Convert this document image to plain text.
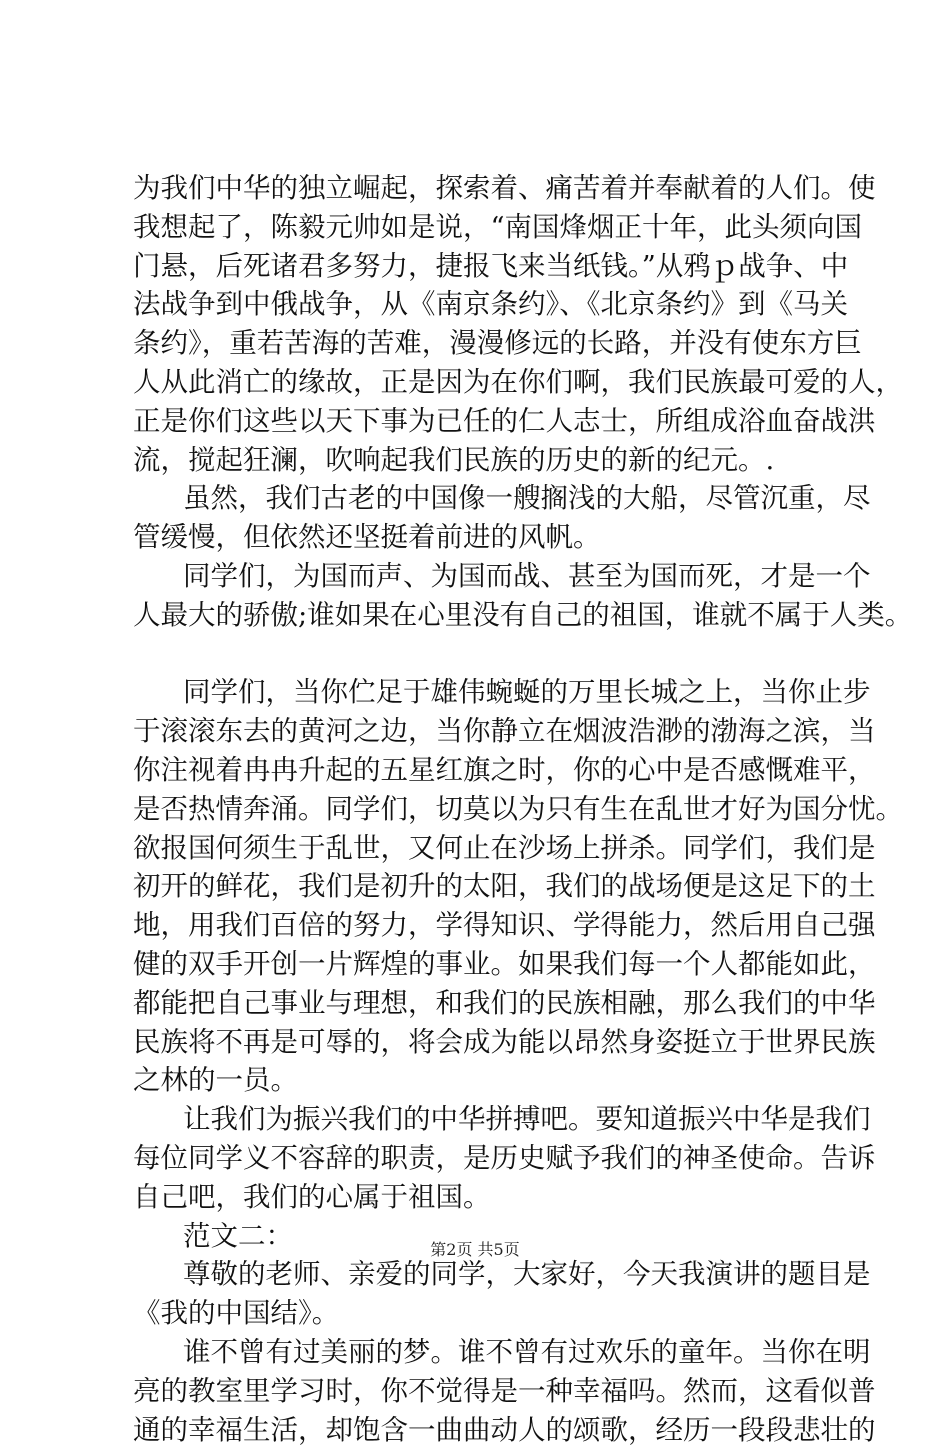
为我们中华的独立崛起，探索着、痛苦着并奉献着的人们。使
我想起了，陈毅元帅如是说，“南国烽烟正十年，此头须向国
门悬，后死诸君多努力，捷报飞来当纸钱。”从鸦ｐ战争、中
法战争到中俄战争，从《南京条约》、《北京条约》到《马关
条约》，重若苦海的苦难，漫漫修远的长路，并没有使东方巨
人从此消亡的缘故，正是因为在你们啊，我们民族最可爱的人，
正是你们这些以天下事为已任的仁人志士，所组成浴血奋战洪
流，搅起狂澜，吹响起我们民族的历史的新的纪元。.
虽然，我们古老的中国像一艘搁浅的大船，尽管沉重，尽
管缓慢，但依然还坚挺着前进的风帆。
同学们，为国而声、为国而战、甚至为国而死，才是一个
人最大的骄傲;谁如果在心里没有自己的祖国，谁就不属于人类。
同学们，当你伫足于雄伟蜿蜒的万里长城之上，当你止步
于滚滚东去的黄河之边，当你静立在烟波浩渺的渤海之滨，当
你注视着冉冉升起的五星红旗之时，你的心中是否感慨难平，
是否热情奔涌。同学们，切莫以为只有生在乱世才好为国分忧。
欲报国何须生于乱世，又何止在沙场上拼杀。同学们，我们是
初开的鲜花，我们是初升的太阳，我们的战场便是这足下的土
地，用我们百倍的努力，学得知识、学得能力，然后用自己强
健的双手开创一片辉煌的事业。如果我们每一个人都能如此，
都能把自己事业与理想，和我们的民族相融，那么我们的中华
民族将不再是可辱的，将会成为能以昂然身姿挺立于世界民族
之林的一员。
让我们为振兴我们的中华拼搏吧。要知道振兴中华是我们
每位同学义不容辞的职责，是历史赋予我们的神圣使命。告诉
自己吧，我们的心属于祖国。
范文二：
尊敬的老师、亲爱的同学，大家好，今天我演讲的题目是
《我的中国结》。
谁不曾有过美丽的梦。谁不曾有过欢乐的童年。当你在明
亮的教室里学习时，你不觉得是一种幸福吗。然而，这看似普
通的幸福生活，却饱含一曲曲动人的颂歌，经历一段段悲壮的
第2页 共5页
